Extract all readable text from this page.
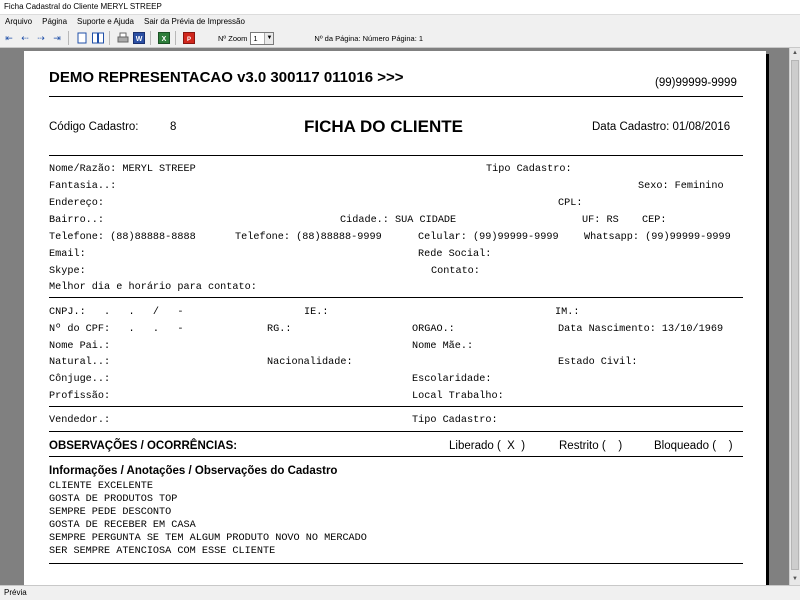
Ficha Cadastral do Cliente MERYL STREEP
Arquivo	Página	Suporte e Ajuda	Sair da Prévia de Impressão
⇤ ⇠ ⇢ ⇥	W	X	P	Nº Zoom 1	▼	Nº da Página: Número Página: 1
DEMO REPRESENTACAO v3.0 300117 011016 >>>	(99)99999-9999
Código Cadastro:	8	FICHA DO CLIENTE	Data Cadastro: 01/08/2016
Nome/Razão: MERYL STREEP	Tipo Cadastro:
Fantasia..:	Sexo: Feminino
Endereço:	CPL:
Bairro..:	Cidade.: SUA CIDADE	UF: RS CEP:
Telefone: (88)88888-8888	Telefone: (88)88888-9999	Celular: (99)99999-9999 Whatsapp: (99)99999-9999
Email:	Rede Social:
Skype:	Contato:
Melhor dia e horário para contato:
CNPJ.:   .   .   /   -	IE.:	IM.:
Nº do CPF:   .   .   -	RG.:	ORGAO.:	Data Nascimento: 13/10/1969
Nome Pai.:	Nome Mãe.:
Natural..:	Nacionalidade:	Estado Civil:
Cônjuge..:	Escolaridade:
Profissão:	Local Trabalho:
Vendedor.:	Tipo Cadastro:
OBSERVAÇÕES / OCORRÊNCIAS:	Liberado (  X  )	Restrito (    )	Bloqueado (    )
Informações / Anotações / Observações do Cadastro
CLIENTE EXCELENTE
GOSTA DE PRODUTOS TOP
SEMPRE PEDE DESCONTO
GOSTA DE RECEBER EM CASA
SEMPRE PERGUNTA SE TEM ALGUM PRODUTO NOVO NO MERCADO
SER SEMPRE ATENCIOSA COM ESSE CLIENTE
▲
▼
Prévia
